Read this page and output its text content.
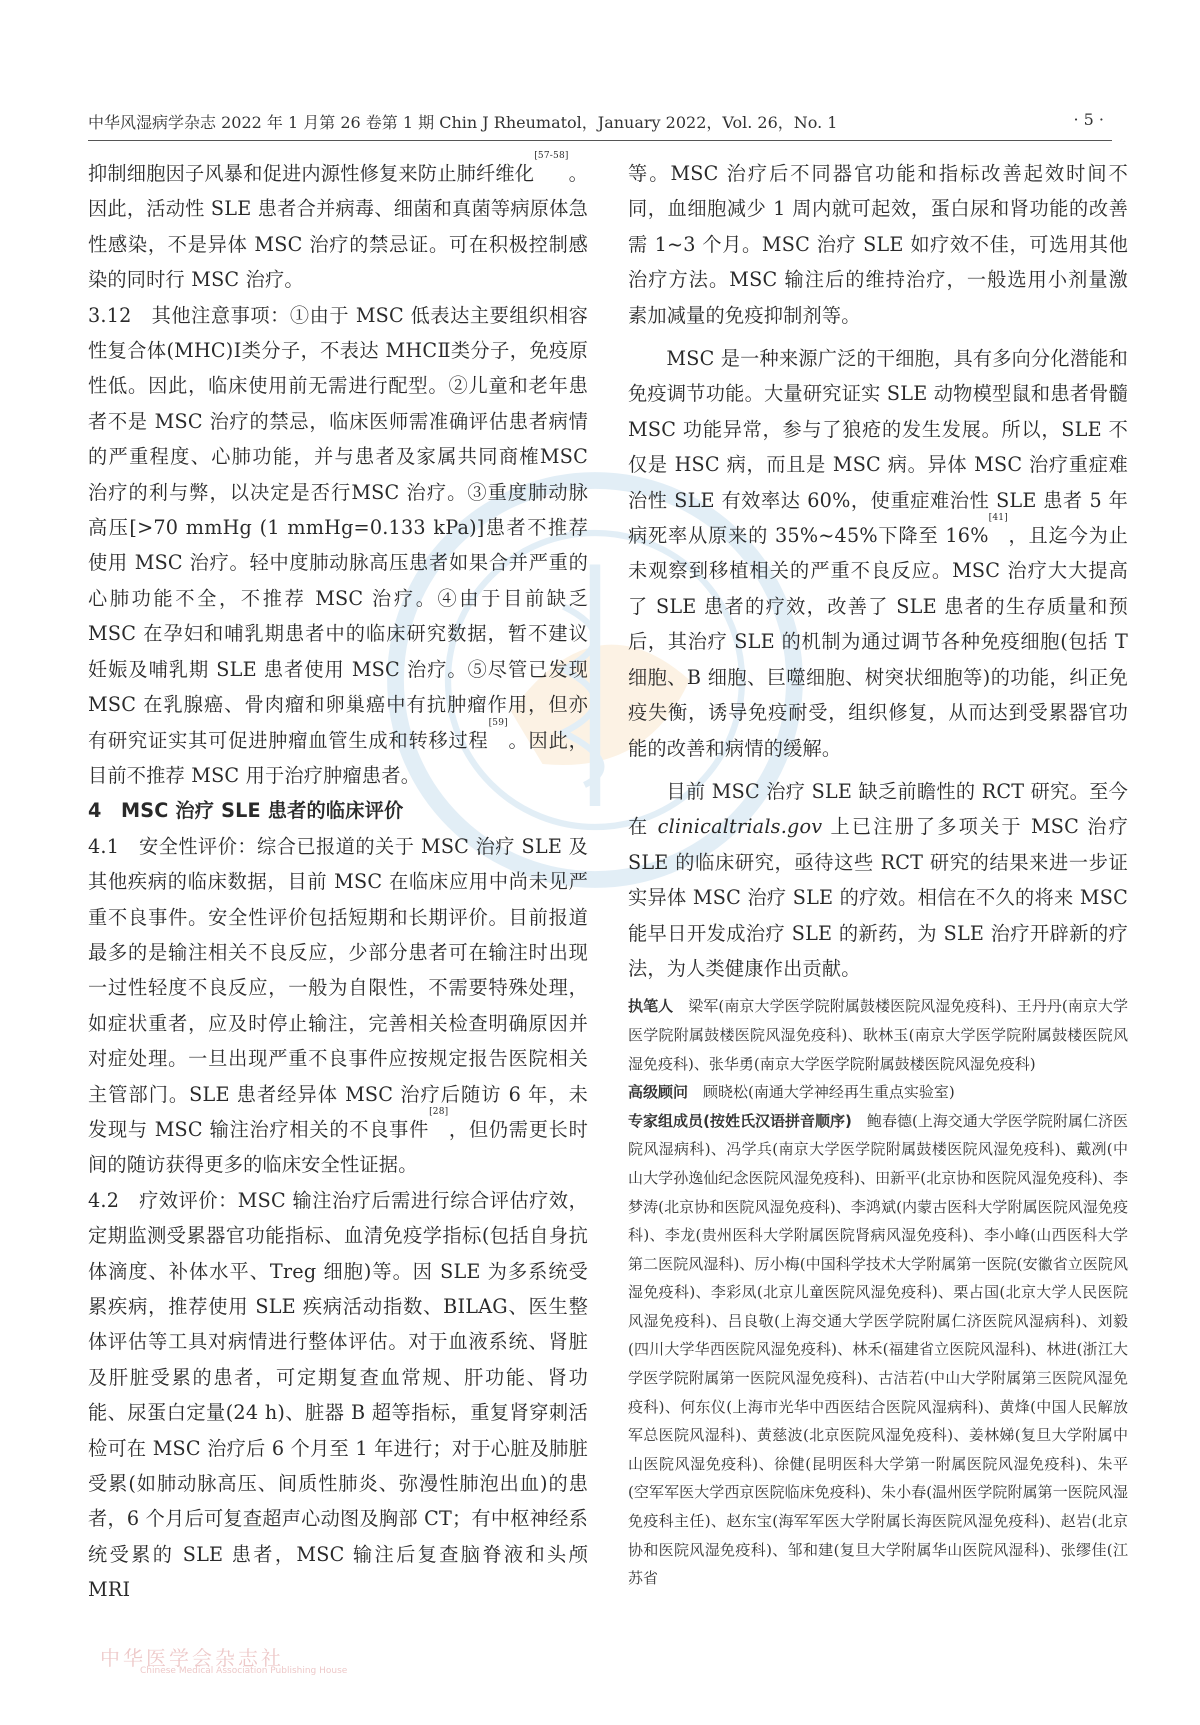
中华风湿病学杂志 2022 年 1 月第 26 卷第 1 期 Chin J Rheumatol，January 2022，Vol. 26，No. 1	· 5 ·

抑制细胞因子风暴和促进内源性修复来防止肺纤维化[57-58]。因此，活动性 SLE 患者合并病毒、细菌和真菌等病原体急性感染，不是异体 MSC 治疗的禁忌证。可在积极控制感染的同时行 MSC 治疗。

3.12　其他注意事项：①由于 MSC 低表达主要组织相容性复合体(MHC)Ⅰ类分子，不表达 MHCⅡ类分子，免疫原性低。因此，临床使用前无需进行配型。②儿童和老年患者不是 MSC 治疗的禁忌，临床医师需准确评估患者病情的严重程度、心肺功能，并与患者及家属共同商榷MSC 治疗的利与弊，以决定是否行MSC 治疗。③重度肺动脉高压[>70 mmHg (1 mmHg=0.133 kPa)]患者不推荐使用 MSC 治疗。轻中度肺动脉高压患者如果合并严重的心肺功能不全，不推荐 MSC 治疗。④由于目前缺乏 MSC 在孕妇和哺乳期患者中的临床研究数据，暂不建议妊娠及哺乳期 SLE 患者使用 MSC 治疗。⑤尽管已发现 MSC 在乳腺癌、骨肉瘤和卵巢癌中有抗肿瘤作用，但亦有研究证实其可促进肿瘤血管生成和转移过程[59]。因此，目前不推荐 MSC 用于治疗肿瘤患者。

4　MSC 治疗 SLE 患者的临床评价

4.1　安全性评价：综合已报道的关于 MSC 治疗 SLE 及其他疾病的临床数据，目前 MSC 在临床应用中尚未见严重不良事件。安全性评价包括短期和长期评价。目前报道最多的是输注相关不良反应，少部分患者可在输注时出现一过性轻度不良反应，一般为自限性，不需要特殊处理，如症状重者，应及时停止输注，完善相关检查明确原因并对症处理。一旦出现严重不良事件应按规定报告医院相关主管部门。SLE 患者经异体 MSC 治疗后随访 6 年，未发现与 MSC 输注治疗相关的不良事件[28]，但仍需更长时间的随访获得更多的临床安全性证据。

4.2　疗效评价：MSC 输注治疗后需进行综合评估疗效，定期监测受累器官功能指标、血清免疫学指标(包括自身抗体滴度、补体水平、Treg 细胞)等。因 SLE 为多系统受累疾病，推荐使用 SLE 疾病活动指数、BILAG、医生整体评估等工具对病情进行整体评估。对于血液系统、肾脏及肝脏受累的患者，可定期复查血常规、肝功能、肾功能、尿蛋白定量(24 h)、脏器 B 超等指标，重复肾穿刺活检可在 MSC 治疗后 6 个月至 1 年进行；对于心脏及肺脏受累(如肺动脉高压、间质性肺炎、弥漫性肺泡出血)的患者，6 个月后可复查超声心动图及胸部 CT；有中枢神经系统受累的 SLE 患者，MSC 输注后复查脑脊液和头颅 MRI

等。MSC 治疗后不同器官功能和指标改善起效时间不同，血细胞减少 1 周内就可起效，蛋白尿和肾功能的改善需 1~3 个月。MSC 治疗 SLE 如疗效不佳，可选用其他治疗方法。MSC 输注后的维持治疗，一般选用小剂量激素加减量的免疫抑制剂等。

MSC 是一种来源广泛的干细胞，具有多向分化潜能和免疫调节功能。大量研究证实 SLE 动物模型鼠和患者骨髓 MSC 功能异常，参与了狼疮的发生发展。所以，SLE 不仅是 HSC 病，而且是 MSC 病。异体 MSC 治疗重症难治性 SLE 有效率达 60%，使重症难治性 SLE 患者 5 年病死率从原来的 35%~45%下降至 16%[41]，且迄今为止未观察到移植相关的严重不良反应。MSC 治疗大大提高了 SLE 患者的疗效，改善了 SLE 患者的生存质量和预后，其治疗 SLE 的机制为通过调节各种免疫细胞(包括 T 细胞、B 细胞、巨噬细胞、树突状细胞等)的功能，纠正免疫失衡，诱导免疫耐受，组织修复，从而达到受累器官功能的改善和病情的缓解。

目前 MSC 治疗 SLE 缺乏前瞻性的 RCT 研究。至今在 clinicaltrials.gov 上已注册了多项关于 MSC 治疗 SLE 的临床研究，亟待这些 RCT 研究的结果来进一步证实异体 MSC 治疗 SLE 的疗效。相信在不久的将来 MSC 能早日开发成治疗 SLE 的新药，为 SLE 治疗开辟新的疗法，为人类健康作出贡献。

执笔人　梁军(南京大学医学院附属鼓楼医院风湿免疫科)、王丹丹(南京大学医学院附属鼓楼医院风湿免疫科)、耿林玉(南京大学医学院附属鼓楼医院风湿免疫科)、张华勇(南京大学医学院附属鼓楼医院风湿免疫科)

高级顾问　顾晓松(南通大学神经再生重点实验室)

专家组成员(按姓氏汉语拼音顺序)　鲍春德(上海交通大学医学院附属仁济医院风湿病科)、冯学兵(南京大学医学院附属鼓楼医院风湿免疫科)、戴冽(中山大学孙逸仙纪念医院风湿免疫科)、田新平(北京协和医院风湿免疫科)、李梦涛(北京协和医院风湿免疫科)、李鸿斌(内蒙古医科大学附属医院风湿免疫科)、李龙(贵州医科大学附属医院肾病风湿免疫科)、李小峰(山西医科大学第二医院风湿科)、厉小梅(中国科学技术大学附属第一医院(安徽省立医院风湿免疫科)、李彩凤(北京儿童医院风湿免疫科)、栗占国(北京大学人民医院风湿免疫科)、吕良敬(上海交通大学医学院附属仁济医院风湿病科)、刘毅(四川大学华西医院风湿免疫科)、林禾(福建省立医院风湿科)、林进(浙江大学医学院附属第一医院风湿免疫科)、古洁若(中山大学附属第三医院风湿免疫科)、何东仪(上海市光华中西医结合医院风湿病科)、黄烽(中国人民解放军总医院风湿科)、黄慈波(北京医院风湿免疫科)、姜林娣(复旦大学附属中山医院风湿免疫科)、徐健(昆明医科大学第一附属医院风湿免疫科)、朱平(空军军医大学西京医院临床免疫科)、朱小春(温州医学院附属第一医院风湿免疫科主任)、赵东宝(海军军医大学附属长海医院风湿免疫科)、赵岩(北京协和医院风湿免疫科)、邹和建(复旦大学附属华山医院风湿科)、张缪佳(江苏省

中华医学会杂志社
Chinese Medical Association Publishing House
